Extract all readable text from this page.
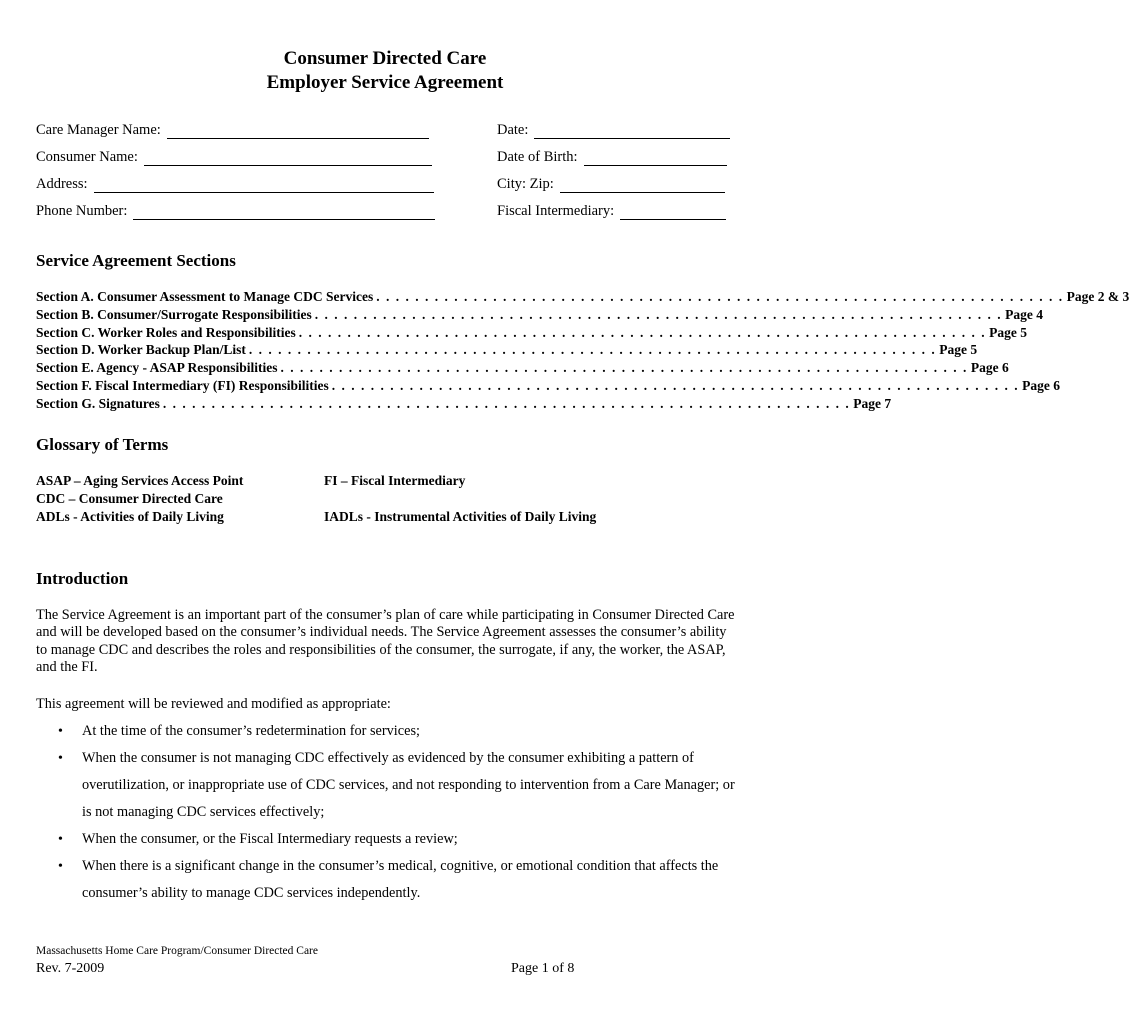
Consumer Directed Care
Employer Service Agreement
Care Manager Name:	Date:
Consumer Name:	Date of Birth:
Address:	City: Zip:
Phone Number:	Fiscal Intermediary:
Service Agreement Sections
Section A. Consumer Assessment to Manage CDC Services . . . . . . . . . . . . . . . . . . . . . . . . . . . . . . . . . . . . . . . . . . . . . . . . . . . . . . . . . . . . . . . . . . . . . . . Page 2 & 3
Section B. Consumer/Surrogate Responsibilities . . . . . . . . . . . . . . . . . . . . . . . . . . . . . . . . . . . . . . . . . . . . . . . . . . . . . . . . . . . . . . . . . . . . . . . Page 4
Section C. Worker Roles and Responsibilities . . . . . . . . . . . . . . . . . . . . . . . . . . . . . . . . . . . . . . . . . . . . . . . . . . . . . . . . . . . . . . . . . . . . . . . Page 5
Section D. Worker Backup Plan/List . . . . . . . . . . . . . . . . . . . . . . . . . . . . . . . . . . . . . . . . . . . . . . . . . . . . . . . . . . . . . . . . . . . . . . . Page 5
Section E. Agency - ASAP Responsibilities . . . . . . . . . . . . . . . . . . . . . . . . . . . . . . . . . . . . . . . . . . . . . . . . . . . . . . . . . . . . . . . . . . . . . . . Page 6
Section F. Fiscal Intermediary (FI) Responsibilities . . . . . . . . . . . . . . . . . . . . . . . . . . . . . . . . . . . . . . . . . . . . . . . . . . . . . . . . . . . . . . . . . . . . . . . Page 6
Section G. Signatures . . . . . . . . . . . . . . . . . . . . . . . . . . . . . . . . . . . . . . . . . . . . . . . . . . . . . . . . . . . . . . . . . . . . . . . Page 7
Glossary of Terms
ASAP – Aging Services Access Point	FI – Fiscal Intermediary
CDC – Consumer Directed Care
ADLs - Activities of Daily Living	IADLs - Instrumental Activities of Daily Living
Introduction
The Service Agreement is an important part of the consumer’s plan of care while participating in Consumer Directed Care and will be developed based on the consumer’s individual needs. The Service Agreement assesses the consumer’s ability to manage CDC and describes the roles and responsibilities of the consumer, the surrogate, if any, the worker, the ASAP, and the FI.
This agreement will be reviewed and modified as appropriate:
• At the time of the consumer’s redetermination for services;
• When the consumer is not managing CDC effectively as evidenced by the consumer exhibiting a pattern of overutilization, or inappropriate use of CDC services, and not responding to intervention from a Care Manager; or is not managing CDC services effectively;
• When the consumer, or the Fiscal Intermediary requests a review;
• When there is a significant change in the consumer’s medical, cognitive, or emotional condition that affects the consumer’s ability to manage CDC services independently.
Massachusetts Home Care Program/Consumer Directed Care
Rev. 7-2009	Page 1 of 8
